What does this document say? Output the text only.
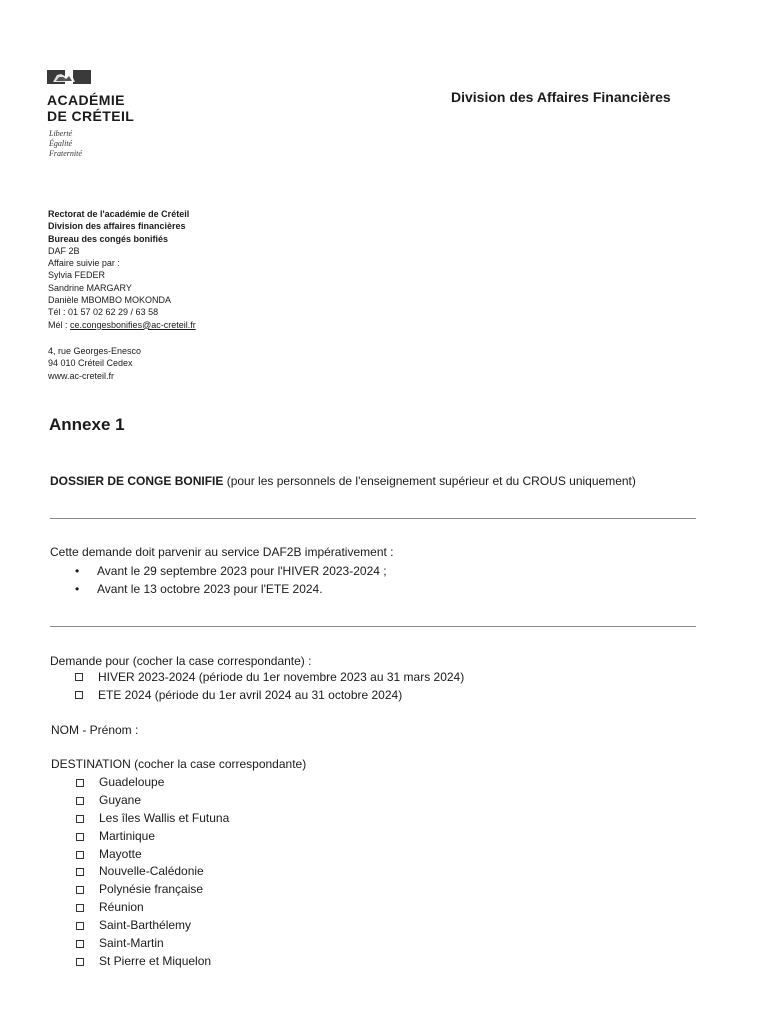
ACADÉMIE
DE CRÉTEIL
Liberté
Égalité
Fraternité
Division des Affaires Financières
Rectorat de l'académie de Créteil
Division des affaires financières
Bureau des congés bonifiés
DAF 2B
Affaire suivie par :
Sylvia FEDER
Sandrine MARGARY
Danièle MBOMBO MOKONDA
Tél : 01 57 02 62 29 / 63 58
Mél : ce.congesbonifies@ac-creteil.fr
4, rue Georges-Enesco
94 010 Créteil Cedex
www.ac-creteil.fr
Annexe 1
DOSSIER DE CONGE BONIFIE (pour les personnels de l'enseignement supérieur et du CROUS uniquement)
Cette demande doit parvenir au service DAF2B impérativement :
• Avant le 29 septembre 2023 pour l'HIVER 2023-2024 ;
• Avant le 13 octobre 2023 pour l'ETE 2024.
Demande pour (cocher la case correspondante) :
HIVER 2023-2024 (période du 1er novembre 2023 au 31 mars 2024)
ETE 2024 (période du 1er avril 2024 au 31 octobre 2024)
NOM - Prénom :
DESTINATION (cocher la case correspondante)
Guadeloupe
Guyane
Les îles Wallis et Futuna
Martinique
Mayotte
Nouvelle-Calédonie
Polynésie française
Réunion
Saint-Barthélemy
Saint-Martin
St Pierre et Miquelon
